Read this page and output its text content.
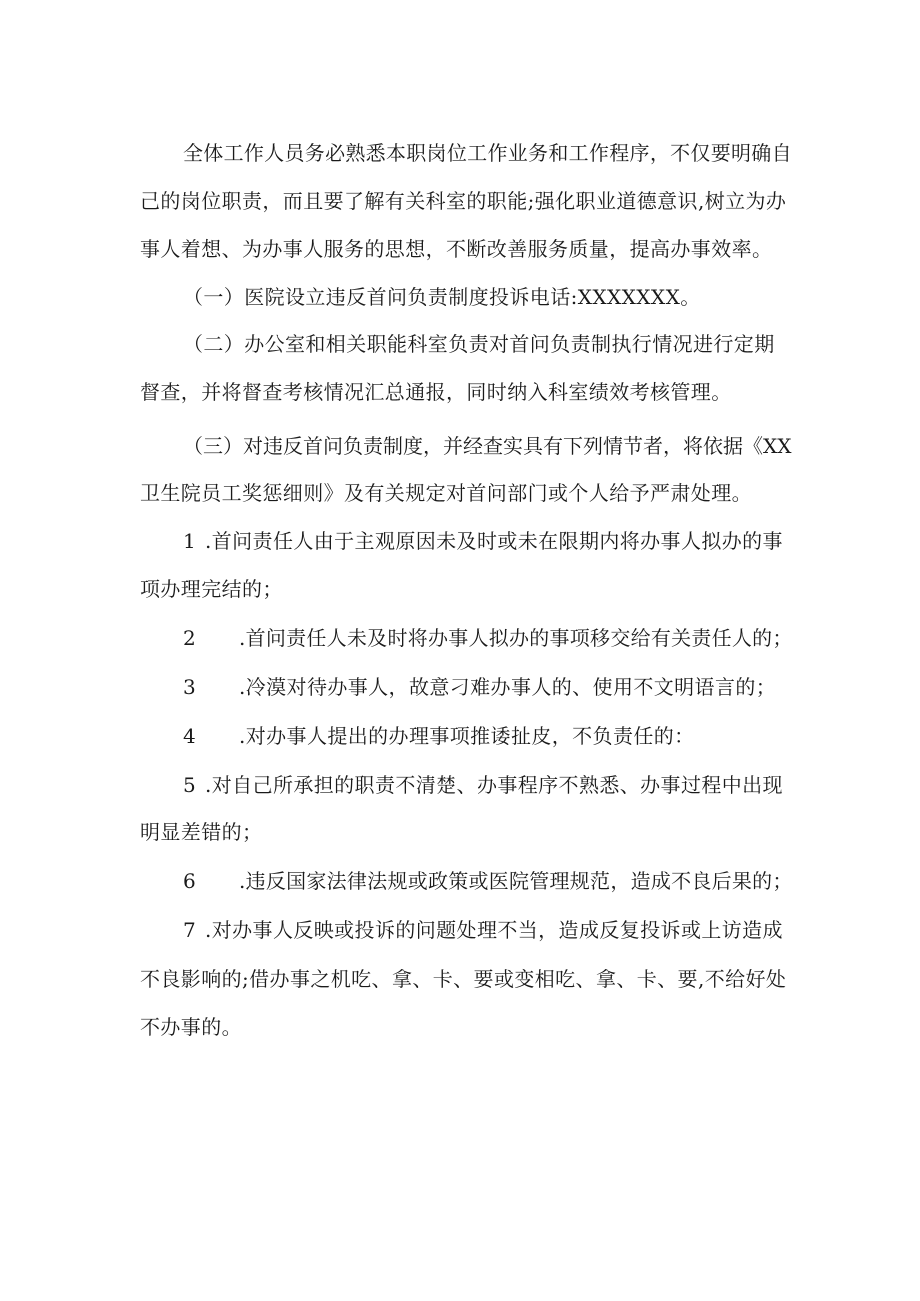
全体工作人员务必熟悉本职岗位工作业务和工作程序，不仅要明确自

己的岗位职责，而且要了解有关科室的职能;强化职业道德意识,树立为办

事人着想、为办事人服务的思想，不断改善服务质量，提高办事效率。

（一）医院设立违反首问负责制度投诉电话:XXXXXXX。

（二）办公室和相关职能科室负责对首问负责制执行情况进行定期

督查，并将督查考核情况汇总通报，同时纳入科室绩效考核管理。

（三）对违反首问负责制度，并经查实具有下列情节者，将依据《XX

卫生院员工奖惩细则》及有关规定对首问部门或个人给予严肃处理。

1 .首问责任人由于主观原因未及时或未在限期内将办事人拟办的事

项办理完结的；

2 .首问责任人未及时将办事人拟办的事项移交给有关责任人的；

3 .冷漠对待办事人，故意刁难办事人的、使用不文明语言的；

4 .对办事人提出的办理事项推诿扯皮，不负责任的：

5 .对自己所承担的职责不清楚、办事程序不熟悉、办事过程中出现

明显差错的；

6 .违反国家法律法规或政策或医院管理规范，造成不良后果的；

7 .对办事人反映或投诉的问题处理不当，造成反复投诉或上访造成

不良影响的;借办事之机吃、拿、卡、要或变相吃、拿、卡、要,不给好处

不办事的。
